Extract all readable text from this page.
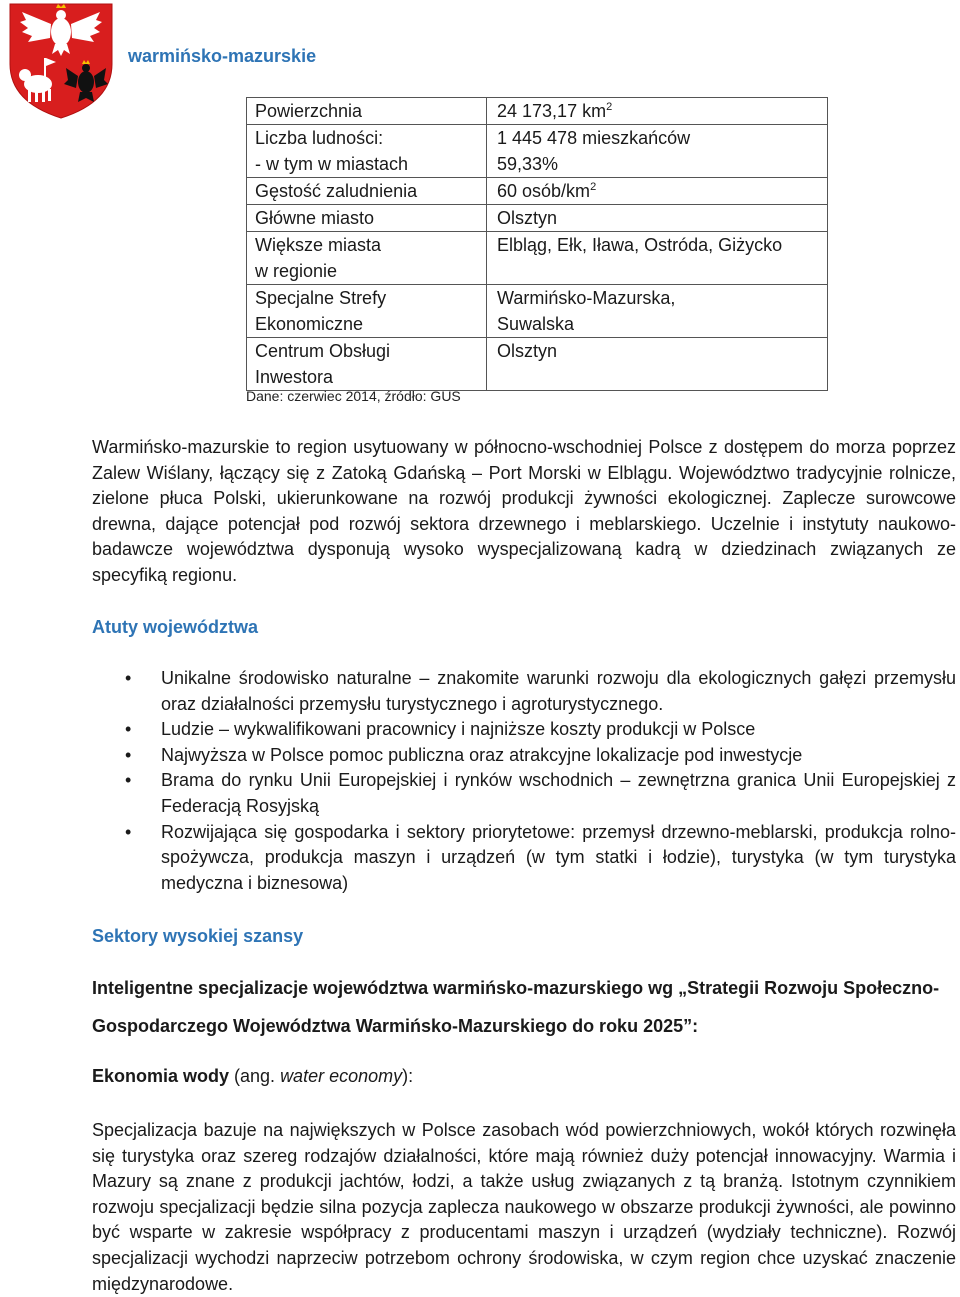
warmińsko-mazurskie
Powierzchnia	24 173,17 $km^2$

Liczba ludności:
- w tym w miastach	1 445 478 mieszkańców
59,33%

Gęstość zaludnienia	60 osób/$km^2$
Główne miasto	Olsztyn

Większe miasta
w regionie	Elbląg, Ełk, Iława, Ostróda, Giżycko

Specjalne Strefy
Ekonomiczne	Warmińsko-Mazurska,
Suwalska

Centrum Obsługi
Inwestora	Olsztyn
Dane: czerwiec 2014, źródło: GUS

Warmińsko-mazurskie to region usytuowany w północno-wschodniej Polsce z dostępem do morza poprzez Zalew Wiślany, łączący się z Zatoką Gdańską – Port Morski w Elblągu. Województwo tradycyjnie rolnicze, zielone płuca Polski, ukierunkowane na rozwój produkcji żywności ekologicznej. Zaplecze surowcowe drewna, dające potencjał pod rozwój sektora drzewnego i meblarskiego. Uczelnie i instytuty naukowo-badawcze województwa dysponują wysoko wyspecjalizowaną kadrą w dziedzinach związanych ze specyfiką regionu.

Atuty województwa
• Unikalne środowisko naturalne – znakomite warunki rozwoju dla ekologicznych gałęzi przemysłu oraz działalności przemysłu turystycznego i agroturystycznego.
• Ludzie – wykwalifikowani pracownicy i najniższe koszty produkcji w Polsce
• Najwyższa w Polsce pomoc publiczna oraz atrakcyjne lokalizacje pod inwestycje
• Brama do rynku Unii Europejskiej i rynków wschodnich – zewnętrzna granica Unii Europejskiej z Federacją Rosyjską
• Rozwijająca się gospodarka i sektory priorytetowe: przemysł drzewno-meblarski, produkcja rolno-spożywcza, produkcja maszyn i urządzeń (w tym statki i łodzie), turystyka (w tym turystyka medyczna i biznesowa)
Sektory wysokiej szansy
Inteligentne specjalizacje województwa warmińsko-mazurskiego wg „Strategii Rozwoju Społeczno-
Gospodarczego Województwa Warmińsko-Mazurskiego do roku 2025”:
Ekonomia wody (ang. water economy):

Specjalizacja bazuje na największych w Polsce zasobach wód powierzchniowych, wokół których rozwinęła się turystyka oraz szereg rodzajów działalności, które mają również duży potencjał innowacyjny. Warmia i Mazury są znane z produkcji jachtów, łodzi, a także usług związanych z tą branżą. Istotnym czynnikiem rozwoju specjalizacji będzie silna pozycja zaplecza naukowego w obszarze produkcji żywności, ale powinno być wsparte w zakresie współpracy z producentami maszyn i urządzeń (wydziały techniczne). Rozwój specjalizacji wychodzi naprzeciw potrzebom ochrony środowiska, w czym region chce uzyskać znaczenie międzynarodowe.
